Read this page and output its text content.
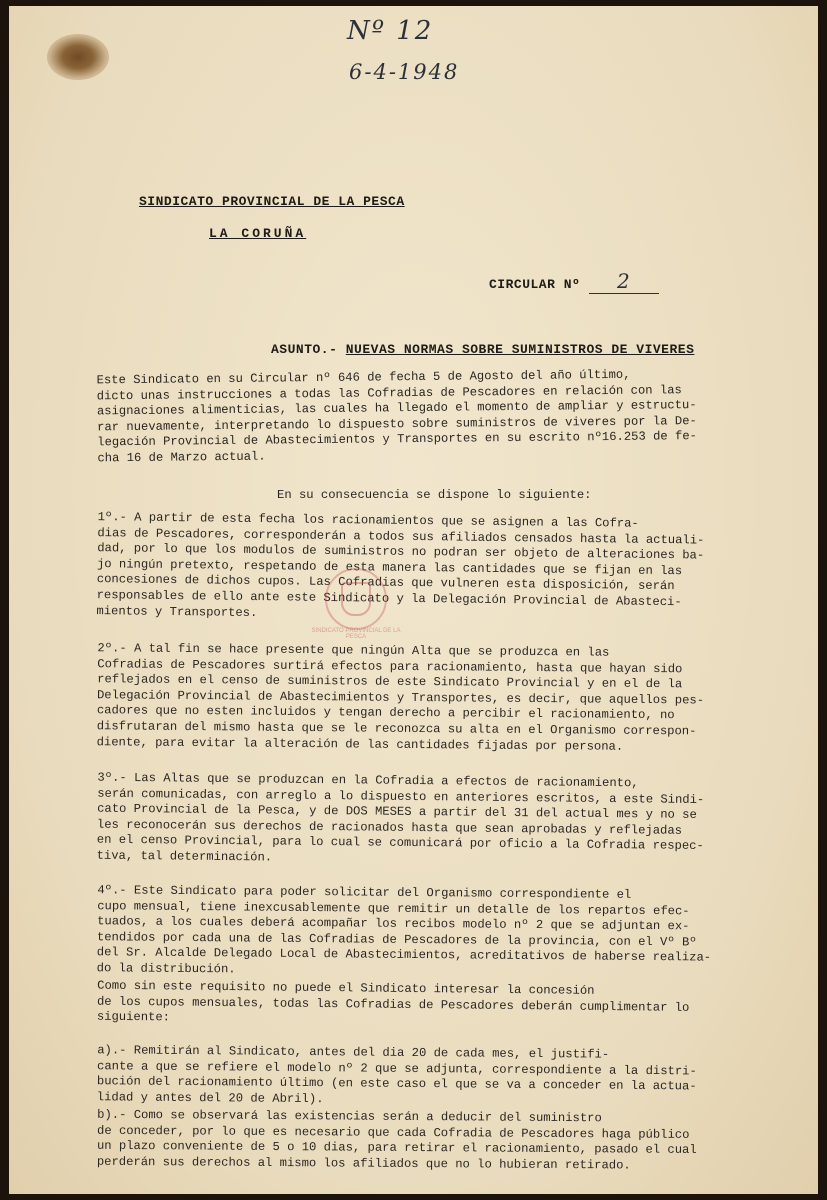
Nº 12
6-4-1948
SINDICATO PROVINCIAL DE LA PESCA
LA CORUÑA
CIRCULAR Nº 2
ASUNTO.- NUEVAS NORMAS SOBRE SUMINISTROS DE VIVERES
Este Sindicato en su Circular nº 646 de fecha 5 de Agosto del año último,
dicto unas instrucciones a todas las Cofradias de Pescadores en relación con las
asignaciones alimenticias, las cuales ha llegado el momento de ampliar y estructu-
rar nuevamente, interpretando lo dispuesto sobre suministros de viveres por la De-
legación Provincial de Abastecimientos y Transportes en su escrito nº16.253 de fe-
cha 16 de Marzo actual.
En su consecuencia se dispone lo siguiente:
1º.- A partir de esta fecha los racionamientos que se asignen a las Cofra-
dias de Pescadores, corresponderán a todos sus afiliados censados hasta la actuali-
dad, por lo que los modulos de suministros no podran ser objeto de alteraciones ba-
jo ningún pretexto, respetando de esta manera las cantidades que se fijan en las
concesiones de dichos cupos. Las Cofradias que vulneren esta disposición, serán
responsables de ello ante este Sindicato y la Delegación Provincial de Abasteci-
mientos y Transportes.
2º.- A tal fin se hace presente que ningún Alta que se produzca en las
Cofradias de Pescadores surtirá efectos para racionamiento, hasta que hayan sido
reflejados en el censo de suministros de este Sindicato Provincial y en el de la
Delegación Provincial de Abastecimientos y Transportes, es decir, que aquellos pes-
cadores que no esten incluidos y tengan derecho a percibir el racionamiento, no
disfrutaran del mismo hasta que se le reconozca su alta en el Organismo correspon-
diente, para evitar la alteración de las cantidades fijadas por persona.
3º.- Las Altas que se produzcan en la Cofradia a efectos de racionamiento,
serán comunicadas, con arreglo a lo dispuesto en anteriores escritos, a este Sindi-
cato Provincial de la Pesca, y de DOS MESES a partir del 31 del actual mes y no se
les reconocerán sus derechos de racionados hasta que sean aprobadas y reflejadas
en el censo Provincial, para lo cual se comunicará por oficio a la Cofradia respec-
tiva, tal determinación.
4º.- Este Sindicato para poder solicitar del Organismo correspondiente el
cupo mensual, tiene inexcusablemente que remitir un detalle de los repartos efec-
tuados, a los cuales deberá acompañar los recibos modelo nº 2 que se adjuntan ex-
tendidos por cada una de las Cofradias de Pescadores de la provincia, con el Vº Bº
del Sr. Alcalde Delegado Local de Abastecimientos, acreditativos de haberse realiza-
do la distribución.
Como sin este requisito no puede el Sindicato interesar la concesión
de los cupos mensuales, todas las Cofradias de Pescadores deberán cumplimentar lo
siguiente:
a).- Remitirán al Sindicato, antes del dia 20 de cada mes, el justifi-
cante a que se refiere el modelo nº 2 que se adjunta, correspondiente a la distri-
bución del racionamiento último (en este caso el que se va a conceder en la actua-
lidad y antes del 20 de Abril).
b).- Como se observará las existencias serán a deducir del suministro
de conceder, por lo que es necesario que cada Cofradia de Pescadores haga público
un plazo conveniente de 5 o 10 dias, para retirar el racionamiento, pasado el cual
perderán sus derechos al mismo los afiliados que no lo hubieran retirado.
SINDICATO PROVINCIAL DE LA PESCA
